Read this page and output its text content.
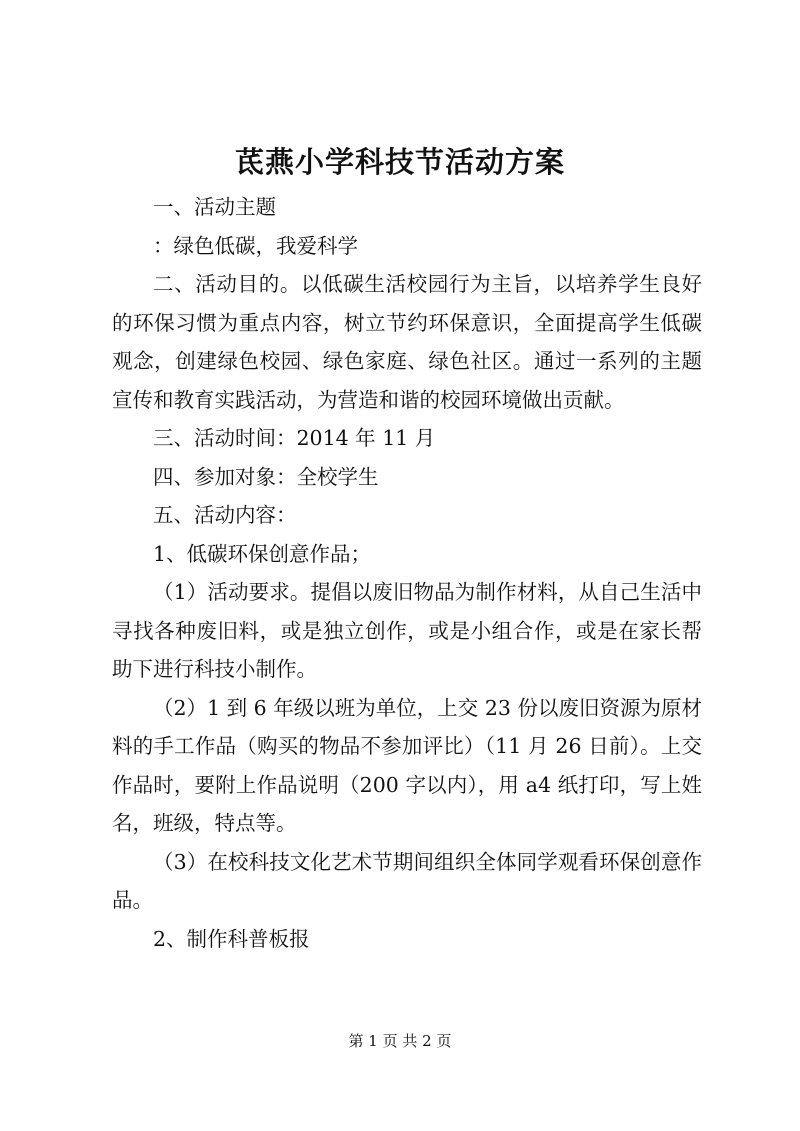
茋燕小学科技节活动方案

一、活动主题

：绿色低碳，我爱科学

二、活动目的。以低碳生活校园行为主旨，以培养学生良好的环保习惯为重点内容，树立节约环保意识，全面提高学生低碳观念，创建绿色校园、绿色家庭、绿色社区。通过一系列的主题宣传和教育实践活动，为营造和谐的校园环境做出贡献。

三、活动时间：2014 年 11 月

四、参加对象：全校学生

五、活动内容：

1、低碳环保创意作品；

（1）活动要求。提倡以废旧物品为制作材料，从自己生活中寻找各种废旧料，或是独立创作，或是小组合作，或是在家长帮助下进行科技小制作。

（2）1 到 6 年级以班为单位，上交 23 份以废旧资源为原材料的手工作品（购买的物品不参加评比）（11 月 26 日前）。上交作品时，要附上作品说明（200 字以内），用 a4 纸打印，写上姓名，班级，特点等。

（3）在校科技文化艺术节期间组织全体同学观看环保创意作品。

2、制作科普板报

第 1 页 共 2 页
